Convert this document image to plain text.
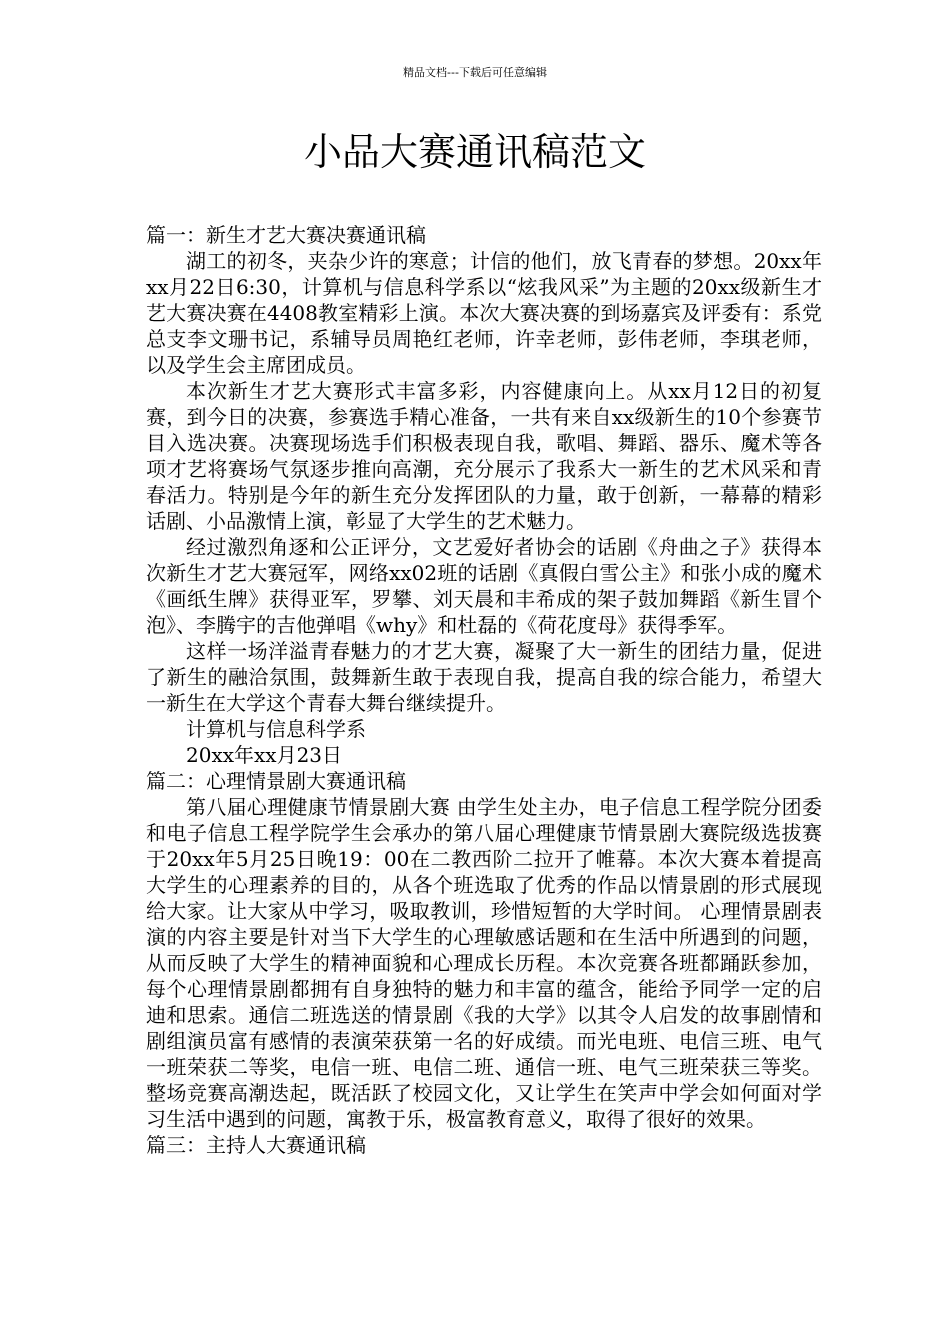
精品文档---下载后可任意编辑
小品大赛通讯稿范文

篇一：新生才艺大赛决赛通讯稿

湖工的初冬，夹杂少许的寒意；计信的他们，放飞青春的梦想。20xx年xx月22日6:30，计算机与信息科学系以“炫我风采”为主题的20xx级新生才艺大赛决赛在4408教室精彩上演。本次大赛决赛的到场嘉宾及评委有：系党总支李文珊书记，系辅导员周艳红老师，许幸老师，彭伟老师，李琪老师，以及学生会主席团成员。

本次新生才艺大赛形式丰富多彩，内容健康向上。从xx月12日的初复赛，到今日的决赛，参赛选手精心准备，一共有来自xx级新生的10个参赛节目入选决赛。决赛现场选手们积极表现自我，歌唱、舞蹈、器乐、魔术等各项才艺将赛场气氛逐步推向高潮，充分展示了我系大一新生的艺术风采和青春活力。特别是今年的新生充分发挥团队的力量，敢于创新，一幕幕的精彩话剧、小品激情上演，彰显了大学生的艺术魅力。

经过激烈角逐和公正评分，文艺爱好者协会的话剧《舟曲之子》获得本次新生才艺大赛冠军，网络xx02班的话剧《真假白雪公主》和张小成的魔术《画纸生牌》获得亚军，罗攀、刘天晨和丰希成的架子鼓加舞蹈《新生冒个泡》、李腾宇的吉他弹唱《why》和杜磊的《荷花度母》获得季军。

这样一场洋溢青春魅力的才艺大赛，凝聚了大一新生的团结力量，促进了新生的融洽氛围，鼓舞新生敢于表现自我，提高自我的综合能力，希望大一新生在大学这个青春大舞台继续提升。

计算机与信息科学系

20xx年xx月23日

篇二：心理情景剧大赛通讯稿

第八届心理健康节情景剧大赛 由学生处主办，电子信息工程学院分团委和电子信息工程学院学生会承办的第八届心理健康节情景剧大赛院级选拔赛于20xx年5月25日晚19：00在二教西阶二拉开了帷幕。本次大赛本着提高大学生的心理素养的目的，从各个班选取了优秀的作品以情景剧的形式展现给大家。让大家从中学习，吸取教训，珍惜短暂的大学时间。 心理情景剧表演的内容主要是针对当下大学生的心理敏感话题和在生活中所遇到的问题，从而反映了大学生的精神面貌和心理成长历程。本次竞赛各班都踊跃参加，每个心理情景剧都拥有自身独特的魅力和丰富的蕴含，能给予同学一定的启迪和思索。通信二班选送的情景剧《我的大学》以其令人启发的故事剧情和剧组演员富有感情的表演荣获第一名的好成绩。而光电班、电信三班、电气一班荣获二等奖，电信一班、电信二班、通信一班、电气三班荣获三等奖。 整场竞赛高潮迭起，既活跃了校园文化，又让学生在笑声中学会如何面对学习生活中遇到的问题，寓教于乐，极富教育意义，取得了很好的效果。

篇三：主持人大赛通讯稿
